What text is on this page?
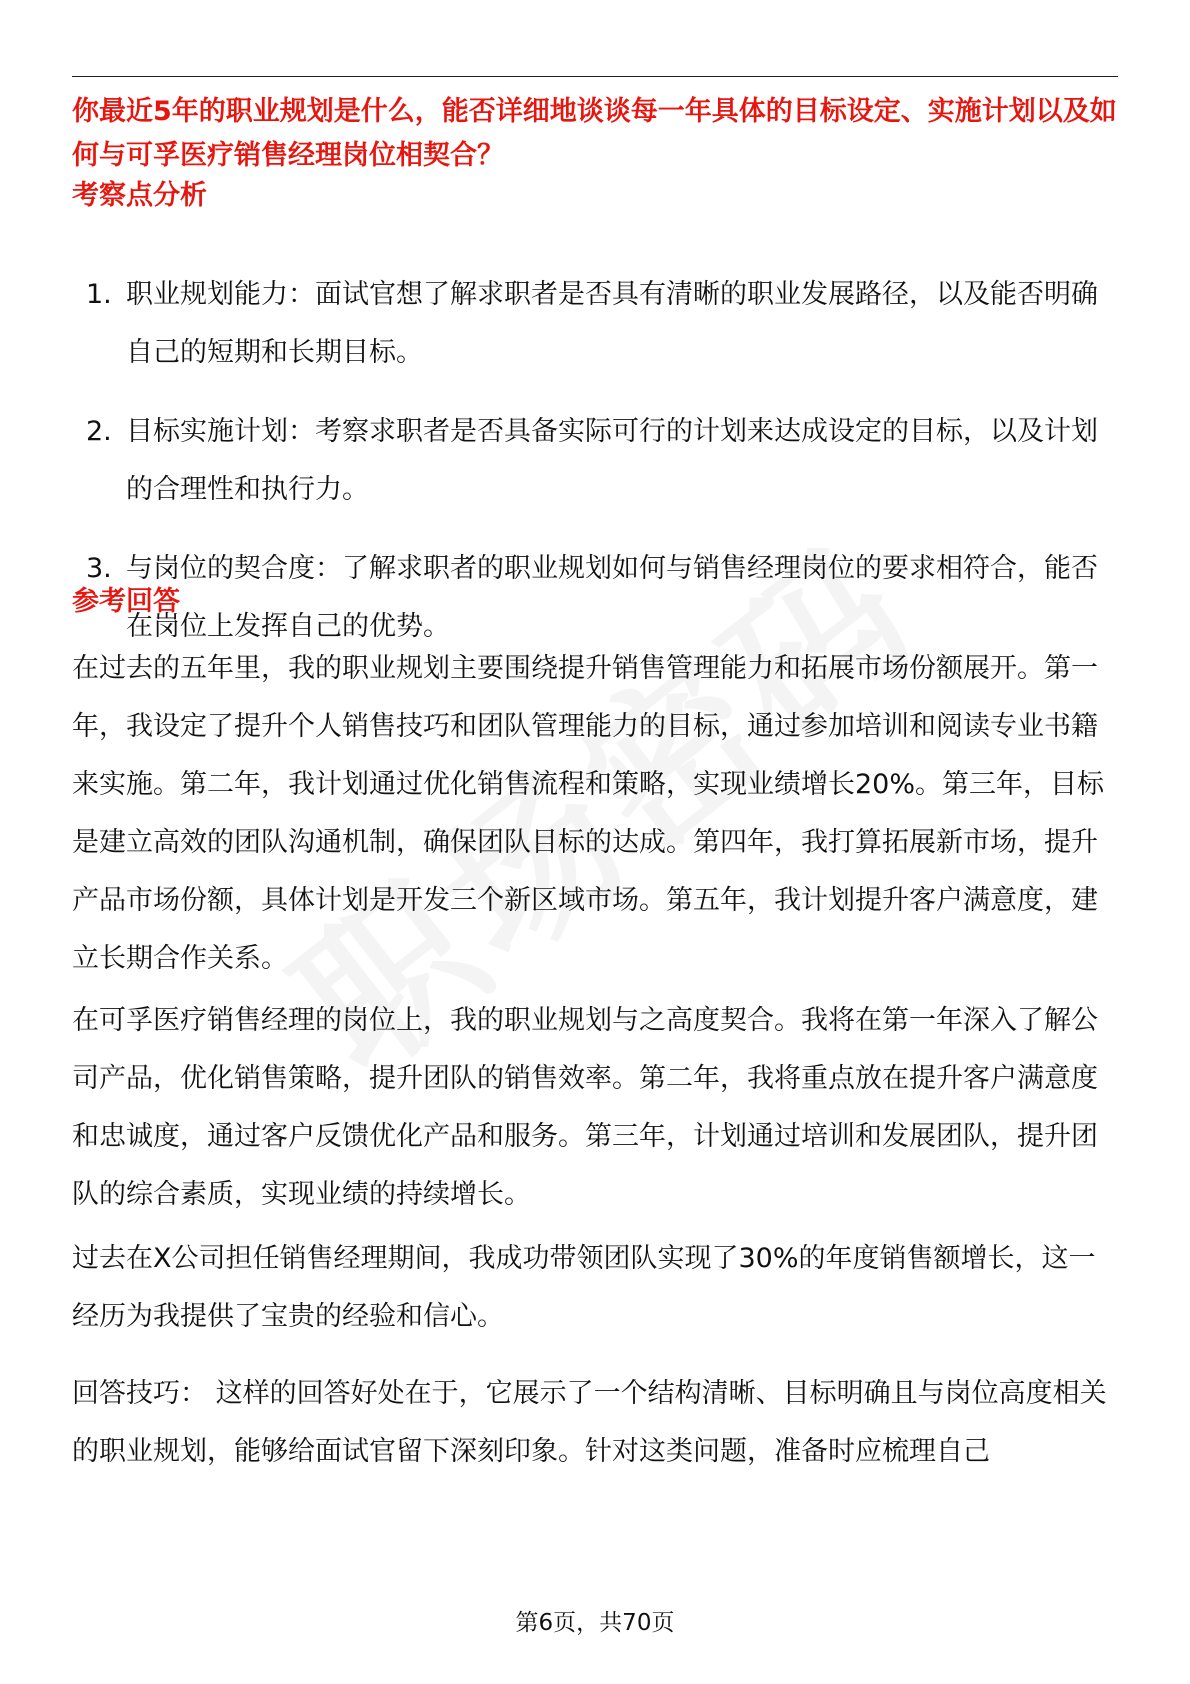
你最近5年的职业规划是什么，能否详细地谈谈每一年具体的目标设定、实施计划以及如何与可孚医疗销售经理岗位相契合？

考察点分析
1. 职业规划能力：面试官想了解求职者是否具有清晰的职业发展路径，以及能否明确自己的短期和长期目标。
2. 目标实施计划：考察求职者是否具备实际可行的计划来达成设定的目标，以及计划的合理性和执行力。
3. 与岗位的契合度：了解求职者的职业规划如何与销售经理岗位的要求相符合，能否在岗位上发挥自己的优势。
参考回答

在过去的五年里，我的职业规划主要围绕提升销售管理能力和拓展市场份额展开。第一年，我设定了提升个人销售技巧和团队管理能力的目标，通过参加培训和阅读专业书籍来实施。第二年，我计划通过优化销售流程和策略，实现业绩增长20%。第三年，目标是建立高效的团队沟通机制，确保团队目标的达成。第四年，我打算拓展新市场，提升产品市场份额，具体计划是开发三个新区域市场。第五年，我计划提升客户满意度，建立长期合作关系。

在可孚医疗销售经理的岗位上，我的职业规划与之高度契合。我将在第一年深入了解公司产品，优化销售策略，提升团队的销售效率。第二年，我将重点放在提升客户满意度和忠诚度，通过客户反馈优化产品和服务。第三年，计划通过培训和发展团队，提升团队的综合素质，实现业绩的持续增长。

过去在X公司担任销售经理期间，我成功带领团队实现了30%的年度销售额增长，这一经历为我提供了宝贵的经验和信心。

回答技巧： 这样的回答好处在于，它展示了一个结构清晰、目标明确且与岗位高度相关的职业规划，能够给面试官留下深刻印象。针对这类问题，准备时应梳理自己

第6页，共70页
